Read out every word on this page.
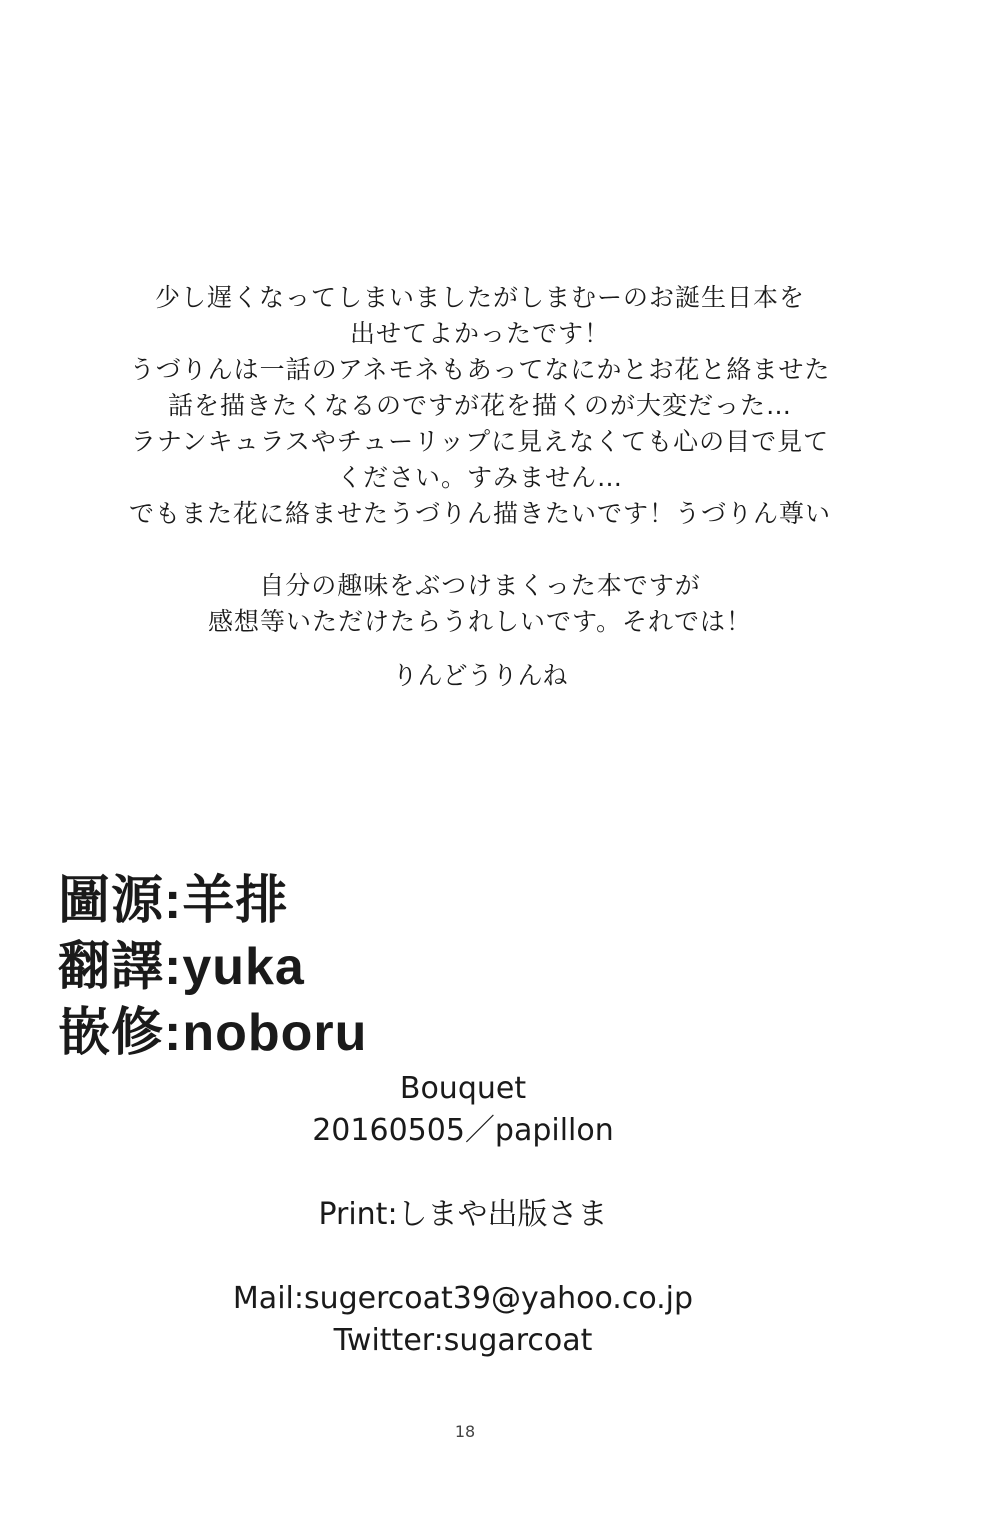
少し遅くなってしまいましたがしまむーのお誕生日本を
出せてよかったです！
うづりんは一話のアネモネもあってなにかとお花と絡ませた
話を描きたくなるのですが花を描くのが大変だった…
ラナンキュラスやチューリップに見えなくても心の目で見て
ください。すみません…
でもまた花に絡ませたうづりん描きたいです！うづりん尊い
自分の趣味をぶつけまくった本ですが
感想等いただけたらうれしいです。それでは！
りんどうりんね
圖源:羊排
翻譯:yuka
嵌修:noboru
Bouquet
20160505／papillon
Print:しまや出版さま
Mail:sugercoat39@yahoo.co.jp
Twitter:sugarcoat
18
